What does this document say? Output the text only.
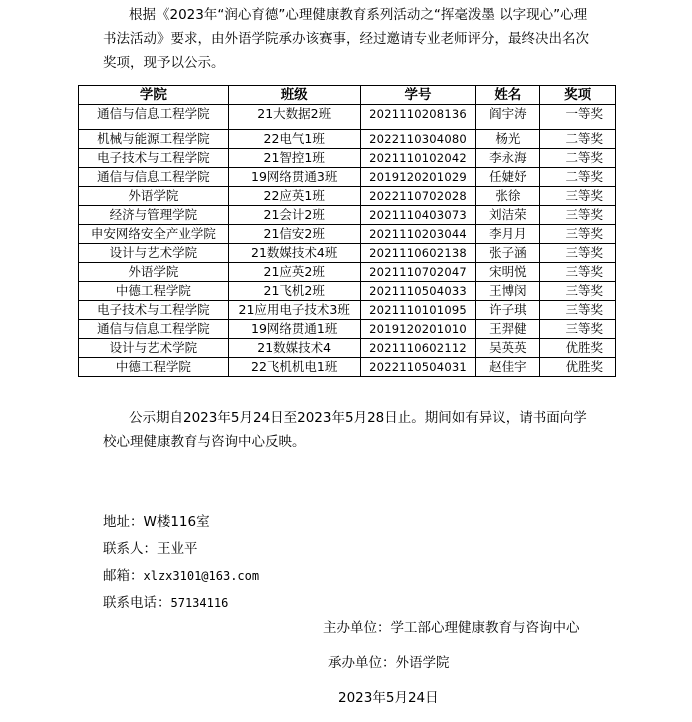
根据《2023年“润心育德”心理健康教育系列活动之“挥毫泼墨 以字现心”心理书法活动》要求，由外语学院承办该赛事，经过邀请专业老师评分，最终决出名次奖项，现予以公示。
学院	班级	学号	姓名	奖项
通信与信息工程学院	21大数据2班	2021110208136	阎宇涛	一等奖
机械与能源工程学院	22电气1班	2022110304080	杨光	二等奖
电子技术与工程学院	21智控1班	2021110102042	李永海	二等奖
通信与信息工程学院	19网络贯通3班	2019120201029	任婕妤	二等奖
外语学院	22应英1班	2022110702028	张徐	三等奖
经济与管理学院	21会计2班	2021110403073	刘洁荣	三等奖
申安网络安全产业学院	21信安2班	2021110203044	李月月	三等奖
设计与艺术学院	21数媒技术4班	2021110602138	张子涵	三等奖
外语学院	21应英2班	2021110702047	宋明悦	三等奖
中德工程学院	21飞机2班	2021110504033	王博闵	三等奖
电子技术与工程学院	21应用电子技术3班	2021110101095	许子琪	三等奖
通信与信息工程学院	19网络贯通1班	2019120201010	王羿健	三等奖
设计与艺术学院	21数媒技术4	2021110602112	吴英英	优胜奖
中德工程学院	22飞机机电1班	2022110504031	赵佳宇	优胜奖
公示期自2023年5月24日至2023年5月28日止。期间如有异议，请书面向学校心理健康教育与咨询中心反映。
地址：W楼116室
联系人：王业平
邮箱：xlzx3101@163.com
联系电话：57134116
主办单位：学工部心理健康教育与咨询中心
承办单位：外语学院
2023年5月24日
